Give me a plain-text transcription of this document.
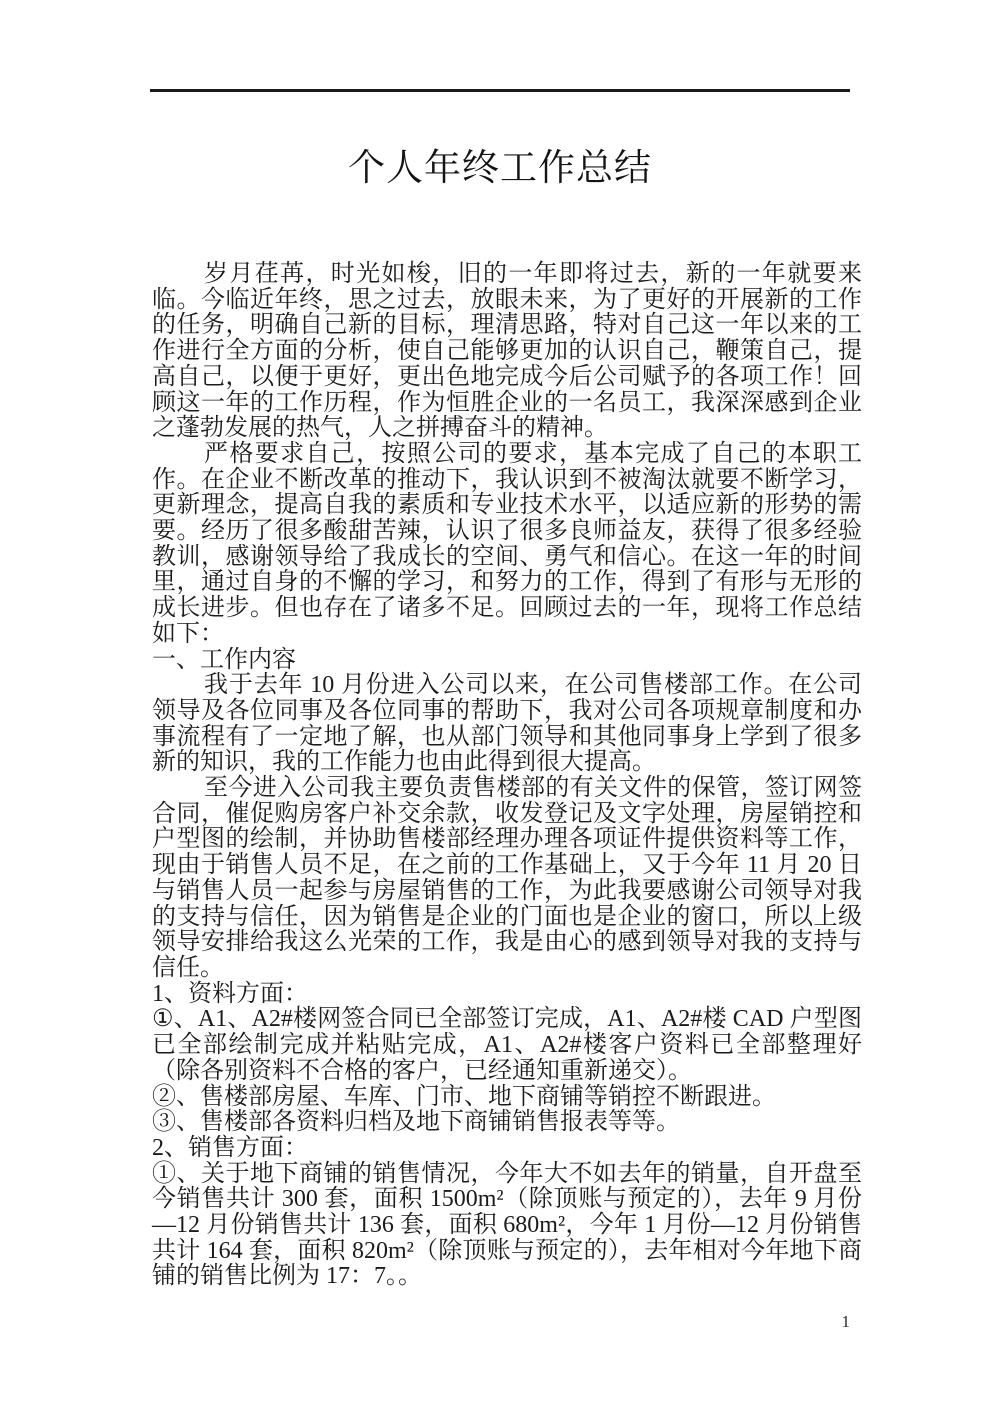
个人年终工作总结

岁月荏苒，时光如梭，旧的一年即将过去，新的一年就要来临。今临近年终，思之过去，放眼未来，为了更好的开展新的工作的任务，明确自己新的目标，理清思路，特对自己这一年以来的工作进行全方面的分析，使自己能够更加的认识自己，鞭策自己，提高自己，以便于更好，更出色地完成今后公司赋予的各项工作！回顾这一年的工作历程，作为恒胜企业的一名员工，我深深感到企业之蓬勃发展的热气，人之拼搏奋斗的精神。

严格要求自己，按照公司的要求，基本完成了自己的本职工作。在企业不断改革的推动下，我认识到不被淘汰就要不断学习，更新理念，提高自我的素质和专业技术水平，以适应新的形势的需要。经历了很多酸甜苦辣，认识了很多良师益友，获得了很多经验教训，感谢领导给了我成长的空间、勇气和信心。在这一年的时间里，通过自身的不懈的学习，和努力的工作，得到了有形与无形的成长进步。但也存在了诸多不足。回顾过去的一年，现将工作总结如下：

一、工作内容

我于去年 10 月份进入公司以来，在公司售楼部工作。在公司领导及各位同事及各位同事的帮助下，我对公司各项规章制度和办事流程有了一定地了解，也从部门领导和其他同事身上学到了很多新的知识，我的工作能力也由此得到很大提高。

至今进入公司我主要负责售楼部的有关文件的保管，签订网签合同，催促购房客户补交余款，收发登记及文字处理，房屋销控和户型图的绘制，并协助售楼部经理办理各项证件提供资料等工作，现由于销售人员不足，在之前的工作基础上，又于今年 11 月 20 日与销售人员一起参与房屋销售的工作，为此我要感谢公司领导对我的支持与信任，因为销售是企业的门面也是企业的窗口，所以上级领导安排给我这么光荣的工作，我是由心的感到领导对我的支持与信任。

1、资料方面：

①、A1、A2#楼网签合同已全部签订完成，A1、A2#楼 CAD 户型图已全部绘制完成并粘贴完成，A1、A2#楼客户资料已全部整理好（除各别资料不合格的客户，已经通知重新递交）。

②、售楼部房屋、车库、门市、地下商铺等销控不断跟进。

③、售楼部各资料归档及地下商铺销售报表等等。

2、销售方面：

①、关于地下商铺的销售情况，今年大不如去年的销量，自开盘至今销售共计 300 套，面积 1500m²（除顶账与预定的），去年 9 月份—12 月份销售共计 136 套，面积 680m²，今年 1 月份—12 月份销售共计 164 套，面积 820m²（除顶账与预定的），去年相对今年地下商铺的销售比例为 17：7。。

1
